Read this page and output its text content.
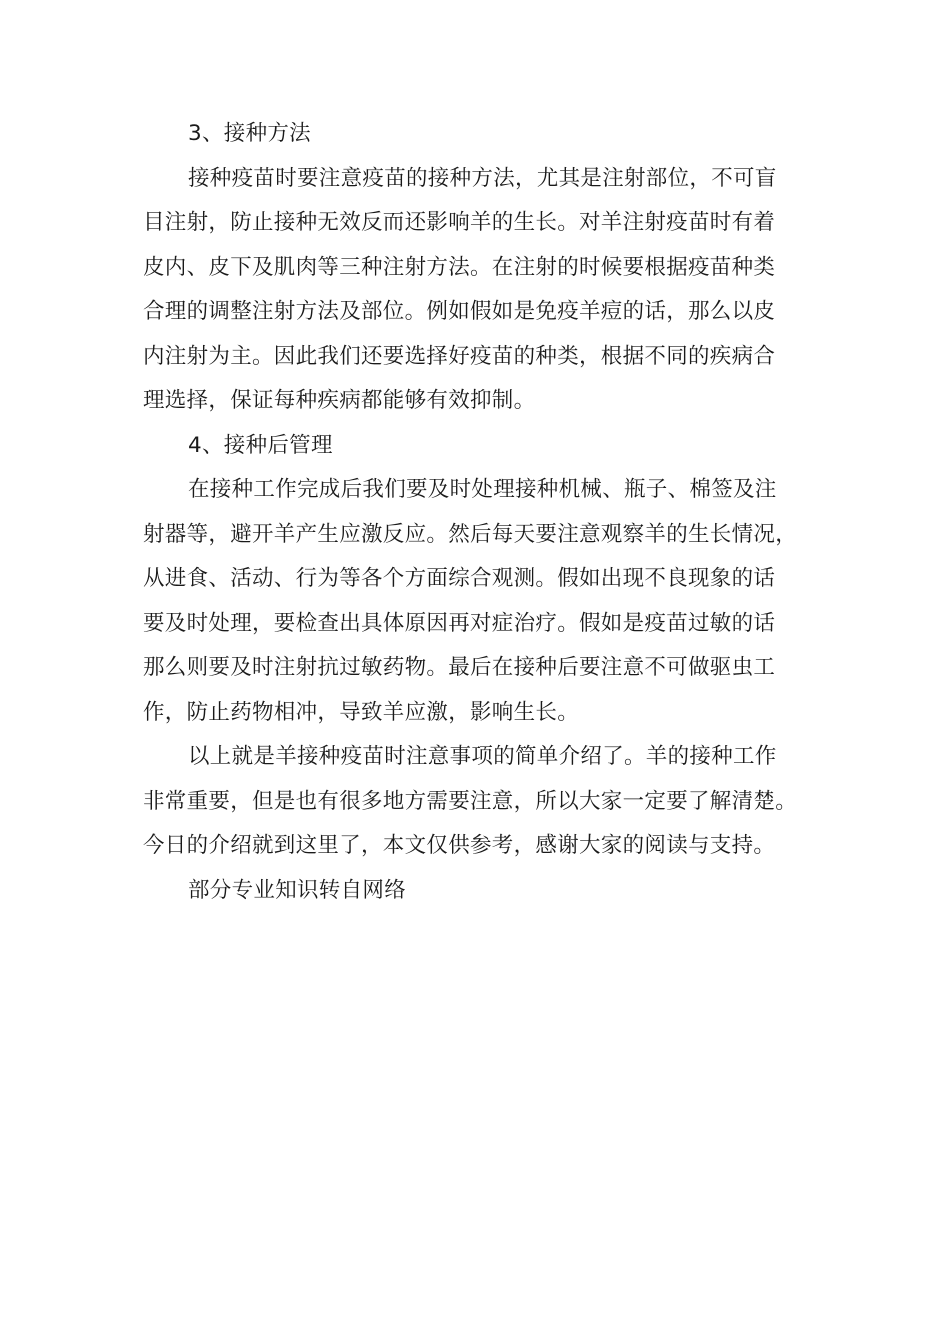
3、接种方法
接种疫苗时要注意疫苗的接种方法，尤其是注射部位，不可盲
目注射，防止接种无效反而还影响羊的生长。对羊注射疫苗时有着
皮内、皮下及肌肉等三种注射方法。在注射的时候要根据疫苗种类
合理的调整注射方法及部位。例如假如是免疫羊痘的话，那么以皮
内注射为主。因此我们还要选择好疫苗的种类，根据不同的疾病合
理选择，保证每种疾病都能够有效抑制。
4、接种后管理
在接种工作完成后我们要及时处理接种机械、瓶子、棉签及注
射器等，避开羊产生应激反应。然后每天要注意观察羊的生长情况，
从进食、活动、行为等各个方面综合观测。假如出现不良现象的话
要及时处理，要检查出具体原因再对症治疗。假如是疫苗过敏的话
那么则要及时注射抗过敏药物。最后在接种后要注意不可做驱虫工
作，防止药物相冲，导致羊应激，影响生长。
以上就是羊接种疫苗时注意事项的简单介绍了。羊的接种工作
非常重要，但是也有很多地方需要注意，所以大家一定要了解清楚。
今日的介绍就到这里了，本文仅供参考，感谢大家的阅读与支持。
部分专业知识转自网络
